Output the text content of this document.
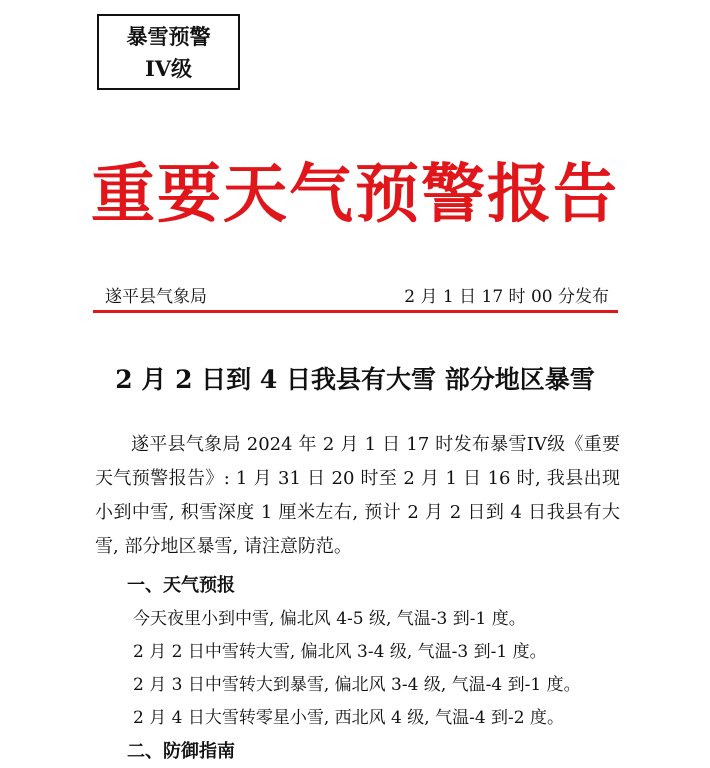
暴雪预警
IV级
重要天气预警报告
遂平县气象局	2 月 1 日 17 时 00 分发布
2 月 2 日到 4 日我县有大雪 部分地区暴雪

遂平县气象局 2024 年 2 月 1 日 17 时发布暴雪IV级《重要天气预警报告》: 1 月 31 日 20 时至 2 月 1 日 16 时, 我县出现小到中雪, 积雪深度 1 厘米左右, 预计 2 月 2 日到 4 日我县有大雪, 部分地区暴雪, 请注意防范。

一、天气预报
今天夜里小到中雪, 偏北风 4-5 级, 气温-3 到-1 度。
2 月 2 日中雪转大雪, 偏北风 3-4 级, 气温-3 到-1 度。
2 月 3 日中雪转大到暴雪, 偏北风 3-4 级, 气温-4 到-1 度。
2 月 4 日大雪转零星小雪, 西北风 4 级, 气温-4 到-2 度。
二、防御指南
